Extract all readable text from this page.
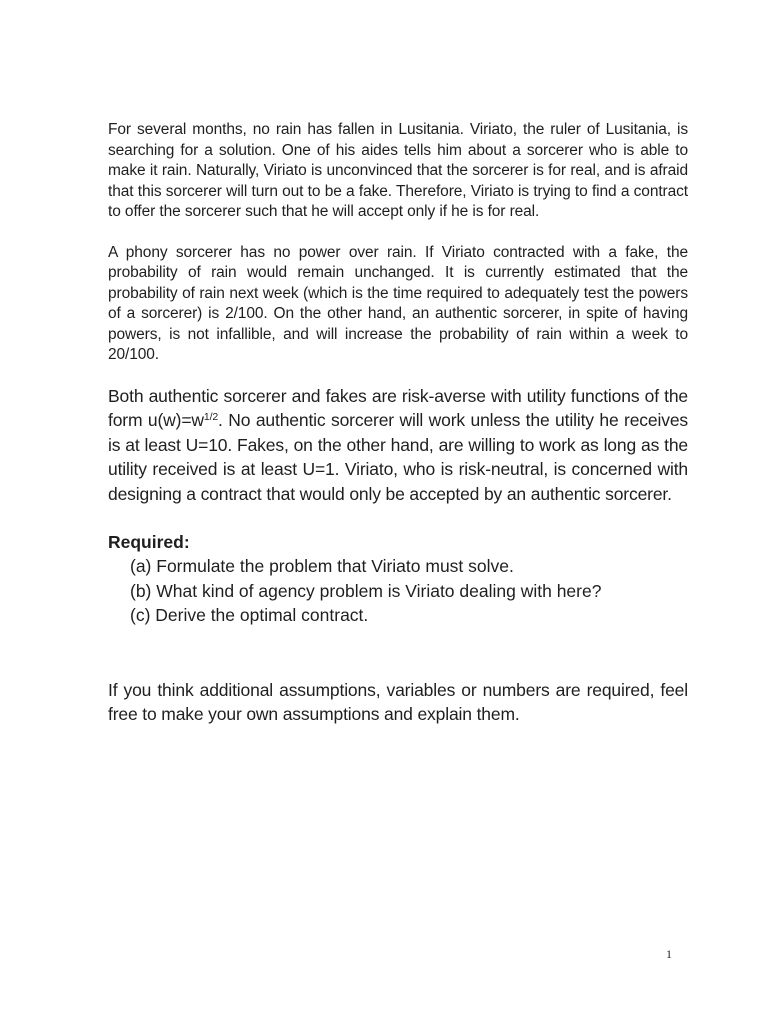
For several months, no rain has fallen in Lusitania. Viriato, the ruler of Lusitania, is searching for a solution. One of his aides tells him about a sorcerer who is able to make it rain. Naturally, Viriato is unconvinced that the sorcerer is for real, and is afraid that this sorcerer will turn out to be a fake. Therefore, Viriato is trying to find a contract to offer the sorcerer such that he will accept only if he is for real.

A phony sorcerer has no power over rain. If Viriato contracted with a fake, the probability of rain would remain unchanged. It is currently estimated that the probability of rain next week (which is the time required to adequately test the powers of a sorcerer) is 2/100. On the other hand, an authentic sorcerer, in spite of having powers, is not infallible, and will increase the probability of rain within a week to 20/100.

Both authentic sorcerer and fakes are risk-averse with utility functions of the form $u(w)=w^{1/2}$. No authentic sorcerer will work unless the utility he receives is at least U=10. Fakes, on the other hand, are willing to work as long as the utility received is at least U=1. Viriato, who is risk-neutral, is concerned with designing a contract that would only be accepted by an authentic sorcerer.

Required:
(a) Formulate the problem that Viriato must solve.
(b) What kind of agency problem is Viriato dealing with here?
(c) Derive the optimal contract.

If you think additional assumptions, variables or numbers are required, feel free to make your own assumptions and explain them.

1
